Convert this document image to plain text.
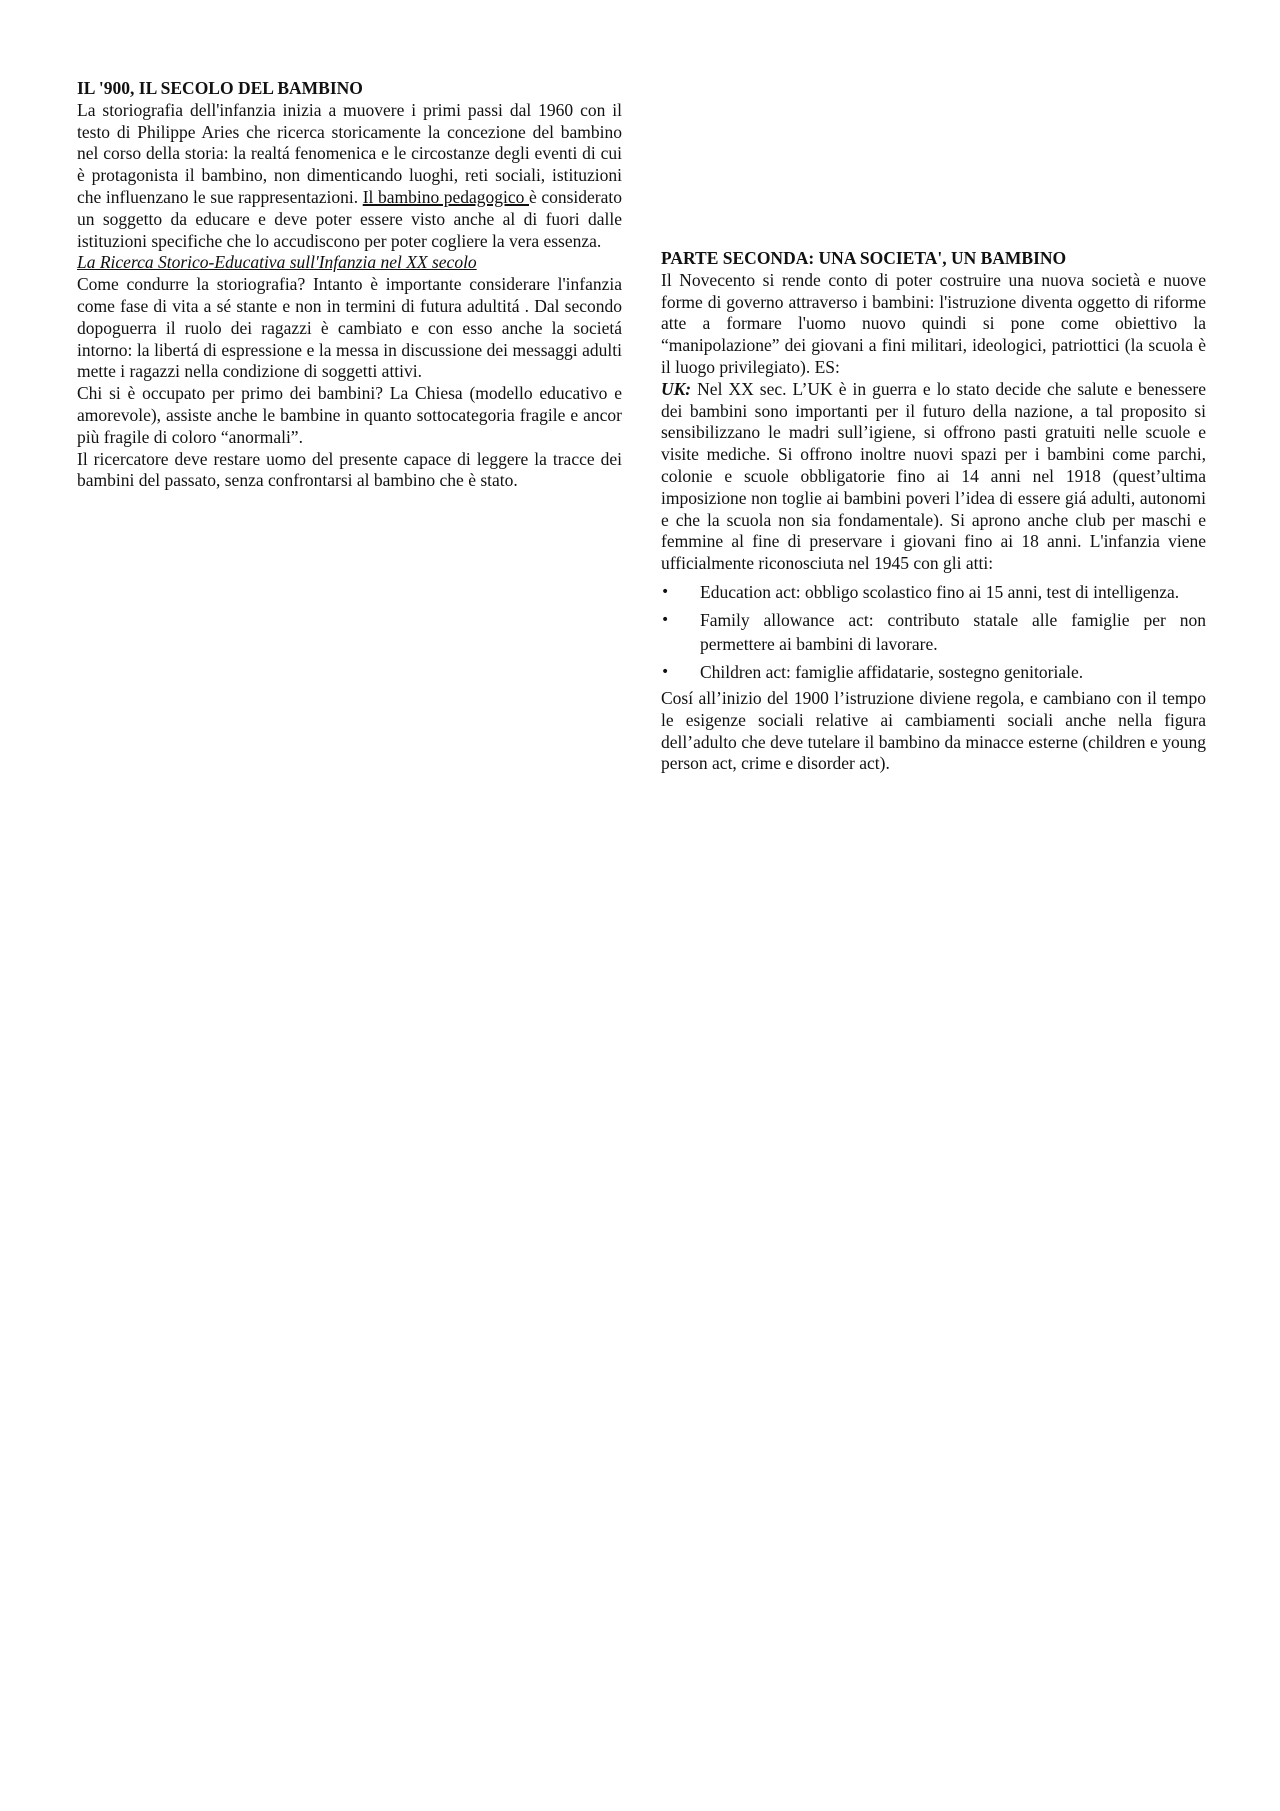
IL '900, IL SECOLO DEL BAMBINO

La storiografia dell'infanzia inizia a muovere i primi passi dal 1960 con il testo di Philippe Aries che ricerca storicamente la concezione del bambino nel corso della storia: la realtá fenomenica e le circostanze degli eventi di cui è protagonista il bambino, non dimenticando luoghi, reti sociali, istituzioni che influenzano le sue rappresentazioni. Il bambino pedagogico è considerato un soggetto da educare e deve poter essere visto anche al di fuori dalle istituzioni specifiche che lo accudiscono per poter cogliere la vera essenza.

La Ricerca Storico-Educativa sull'Infanzia nel XX secolo

Come condurre la storiografia? Intanto è importante considerare l'infanzia come fase di vita a sé stante e non in termini di futura adultitá . Dal secondo dopoguerra il ruolo dei ragazzi è cambiato e con esso anche la societá intorno: la libertá di espressione e la messa in discussione dei messaggi adulti mette i ragazzi nella condizione di soggetti attivi.

Chi si è occupato per primo dei bambini? La Chiesa (modello educativo e amorevole), assiste anche le bambine in quanto sottocategoria fragile e ancor più fragile di coloro “anormali”.

Il ricercatore deve restare uomo del presente capace di leggere la tracce dei bambini del passato, senza confrontarsi al bambino che è stato.

PARTE SECONDA: UNA SOCIETA', UN BAMBINO

Il Novecento si rende conto di poter costruire una nuova società e nuove forme di governo attraverso i bambini: l'istruzione diventa oggetto di riforme atte a formare l'uomo nuovo quindi si pone come obiettivo la “manipolazione” dei giovani a fini militari, ideologici, patriottici (la scuola è il luogo privilegiato). ES:

UK: Nel XX sec. L’UK è in guerra e lo stato decide che salute e benessere dei bambini sono importanti per il futuro della nazione, a tal proposito si sensibilizzano le madri sull’igiene, si offrono pasti gratuiti nelle scuole e visite mediche. Si offrono inoltre nuovi spazi per i bambini come parchi, colonie e scuole obbligatorie fino ai 14 anni nel 1918 (quest’ultima imposizione non toglie ai bambini poveri l’idea di essere giá adulti, autonomi e che la scuola non sia fondamentale). Si aprono anche club per maschi e femmine al fine di preservare i giovani fino ai 18 anni. L'infanzia viene ufficialmente riconosciuta nel 1945 con gli atti:

• Education act: obbligo scolastico fino ai 15 anni, test di intelligenza.
• Family allowance act: contributo statale alle famiglie per non permettere ai bambini di lavorare.
• Children act: famiglie affidatarie, sostegno genitoriale.

Cosí all’inizio del 1900 l’istruzione diviene regola, e cambiano con il tempo le esigenze sociali relative ai cambiamenti sociali anche nella figura dell’adulto che deve tutelare il bambino da minacce esterne (children e young person act, crime e disorder act).
